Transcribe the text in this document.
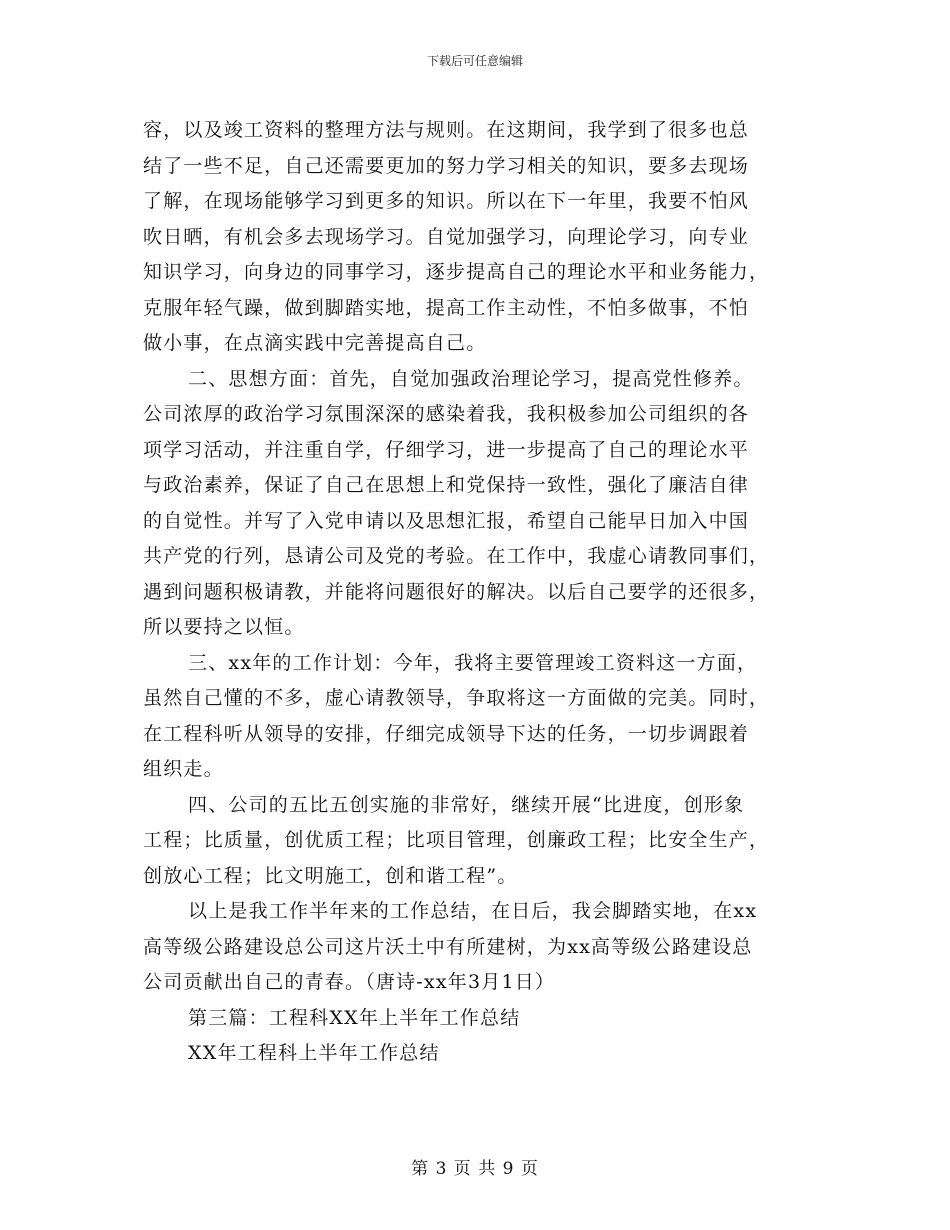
下载后可任意编辑
容，以及竣工资料的整理方法与规则。在这期间，我学到了很多也总
结了一些不足，自己还需要更加的努力学习相关的知识，要多去现场
了解，在现场能够学习到更多的知识。所以在下一年里，我要不怕风
吹日晒，有机会多去现场学习。自觉加强学习，向理论学习，向专业
知识学习，向身边的同事学习，逐步提高自己的理论水平和业务能力，
克服年轻气躁，做到脚踏实地，提高工作主动性，不怕多做事，不怕
做小事，在点滴实践中完善提高自己。
二、思想方面：首先，自觉加强政治理论学习，提高党性修养。
公司浓厚的政治学习氛围深深的感染着我，我积极参加公司组织的各
项学习活动，并注重自学，仔细学习，进一步提高了自己的理论水平
与政治素养，保证了自己在思想上和党保持一致性，强化了廉洁自律
的自觉性。并写了入党申请以及思想汇报，希望自己能早日加入中国
共产党的行列，恳请公司及党的考验。在工作中，我虚心请教同事们，
遇到问题积极请教，并能将问题很好的解决。以后自己要学的还很多，
所以要持之以恒。
三、xx年的工作计划：今年，我将主要管理竣工资料这一方面，
虽然自己懂的不多，虚心请教领导，争取将这一方面做的完美。同时，
在工程科听从领导的安排，仔细完成领导下达的任务，一切步调跟着
组织走。
四、公司的五比五创实施的非常好，继续开展“比进度，创形象
工程；比质量，创优质工程；比项目管理，创廉政工程；比安全生产，
创放心工程；比文明施工，创和谐工程”。
以上是我工作半年来的工作总结，在日后，我会脚踏实地，在xx
高等级公路建设总公司这片沃土中有所建树，为xx高等级公路建设总
公司贡献出自己的青春。（唐诗-xx年3月1日）
第三篇：工程科XX年上半年工作总结
XX年工程科上半年工作总结
第 3 页 共 9 页
